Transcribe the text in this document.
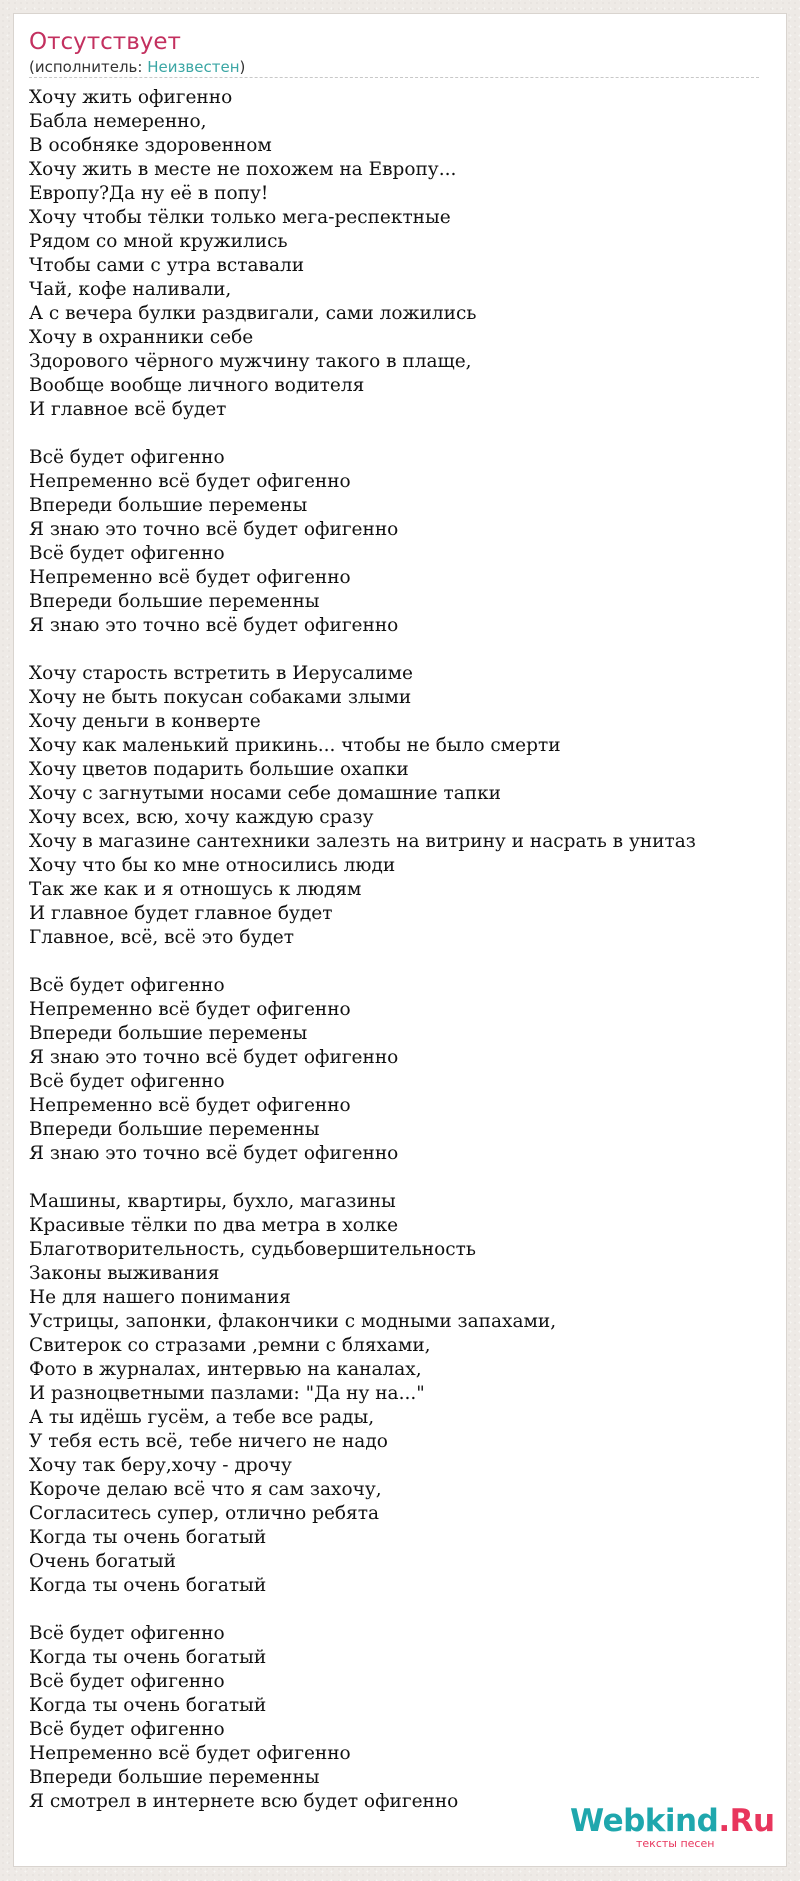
Отсутствует
(исполнитель: Неизвестен)
Хочу жить офигенно
Бабла немеренно,
В особняке здоровенном
Хочу жить в месте не похожем на Европу...
Европу?Да ну её в попу!
Хочу чтобы тёлки только мега-респектные
Рядом со мной кружились
Чтобы сами с утра вставали
Чай, кофе наливали,
А с вечера булки раздвигали, сами ложились
Хочу в охранники себе
Здорового чёрного мужчину такого в плаще,
Вообще вообще личного водителя
И главное всё будет
Всё будет офигенно
Непременно всё будет офигенно
Впереди большие перемены
Я знаю это точно всё будет офигенно
Всё будет офигенно
Непременно всё будет офигенно
Впереди большие переменны
Я знаю это точно всё будет офигенно
Хочу старость встретить в Иерусалиме
Хочу не быть покусан собаками злыми
Хочу деньги в конверте
Хочу как маленький прикинь... чтобы не было смерти
Хочу цветов подарить большие охапки
Хочу с загнутыми носами себе домашние тапки
Хочу всех, всю, хочу каждую сразу
Хочу в магазине сантехники залезть на витрину и насрать в унитаз
Хочу что бы ко мне относились люди
Так же как и я отношусь к людям
И главное будет главное будет
Главное, всё, всё это будет
Всё будет офигенно
Непременно всё будет офигенно
Впереди большие перемены
Я знаю это точно всё будет офигенно
Всё будет офигенно
Непременно всё будет офигенно
Впереди большие переменны
Я знаю это точно всё будет офигенно
Машины, квартиры, бухло, магазины
Красивые тёлки по два метра в холке
Благотворительность, судьбовершительность
Законы выживания
Не для нашего понимания
Устрицы, запонки, флакончики с модными запахами,
Свитерок со стразами ,ремни с бляхами,
Фото в журналах, интервью на каналах,
И разноцветными пазлами: "Да ну на..."
А ты идёшь гусём, а тебе все рады,
У тебя есть всё, тебе ничего не надо
Хочу так беру,хочу - дрочу
Короче делаю всё что я сам захочу,
Согласитесь супер, отлично ребята
Когда ты очень богатый
Очень богатый
Когда ты очень богатый
Всё будет офигенно
Когда ты очень богатый
Всё будет офигенно
Когда ты очень богатый
Всё будет офигенно
Непременно всё будет офигенно
Впереди большие переменны
Я смотрел в интернете всю будет офигенно
Webkind.Ru
тексты песен
